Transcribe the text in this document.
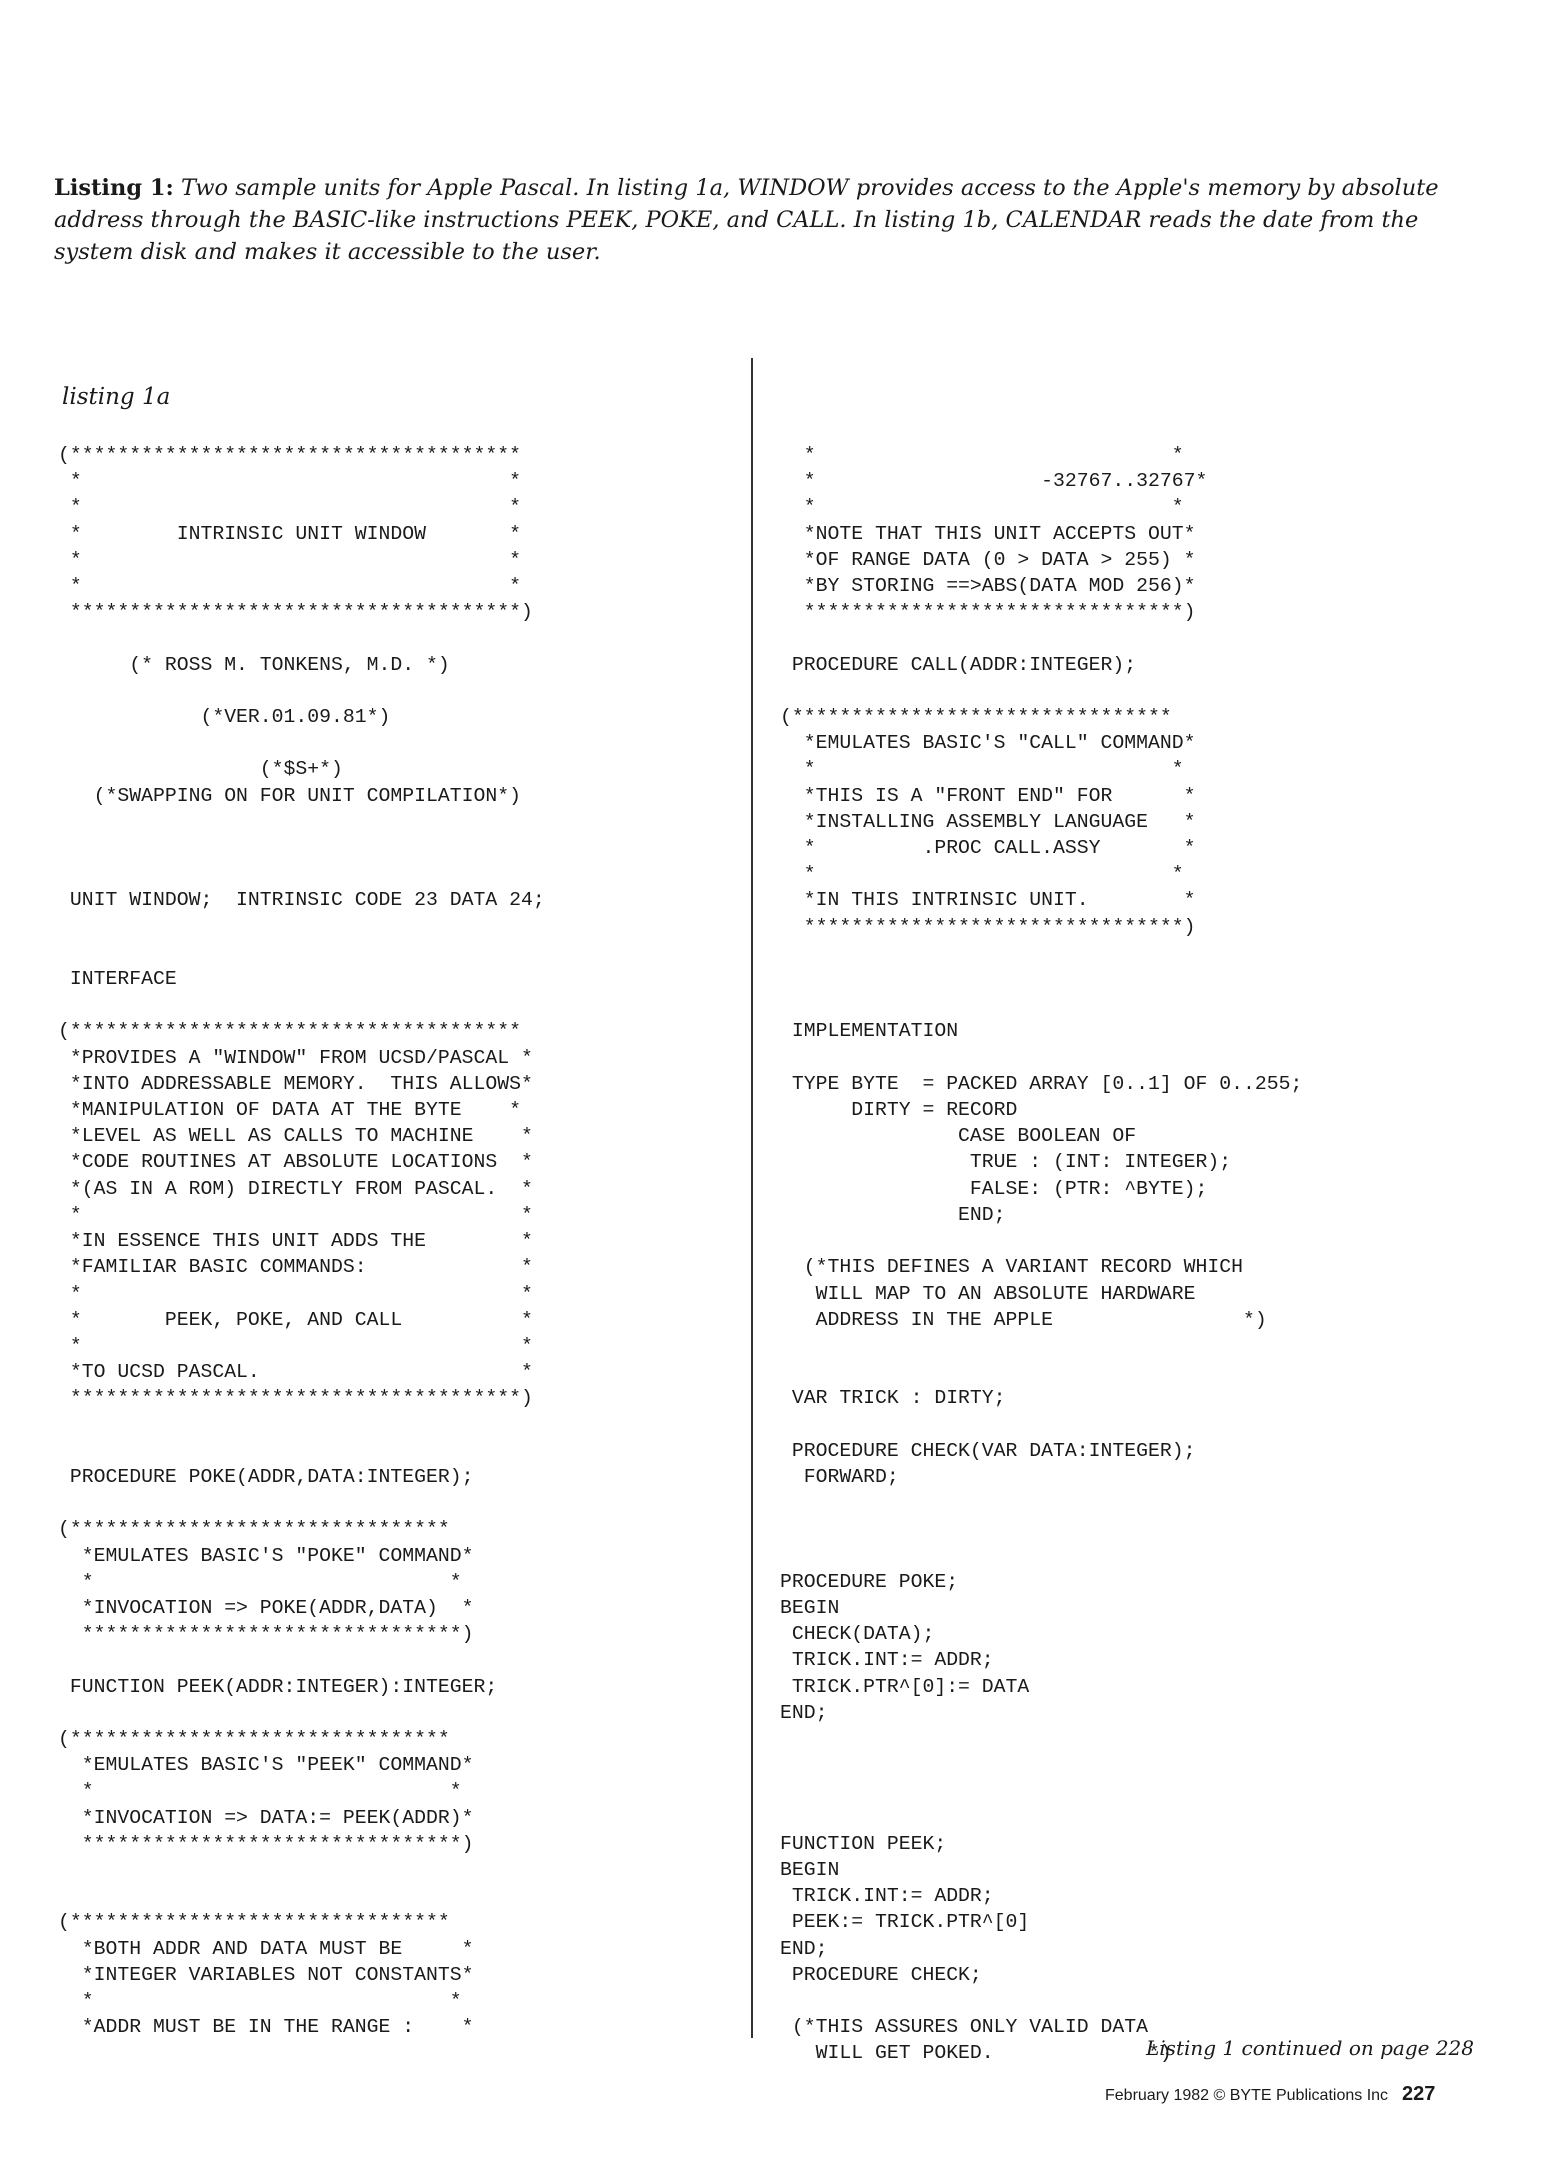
Listing 1: Two sample units for Apple Pascal. In listing 1a, WINDOW provides access to the Apple's memory by absolute address through the BASIC-like instructions PEEK, POKE, and CALL. In listing 1b, CALENDAR reads the date from the system disk and makes it accessible to the user.
listing 1a
(**************************************
*                                    *
*                                    *
*        INTRINSIC UNIT WINDOW       *
*                                    *
*                                    *
**************************************)

(* ROSS M. TONKENS, M.D. *)

(*VER.01.09.81*)

(*$S+*)
(*SWAPPING ON FOR UNIT COMPILATION*)

UNIT WINDOW;  INTRINSIC CODE 23 DATA 24;

INTERFACE

(**************************************
*PROVIDES A "WINDOW" FROM UCSD/PASCAL *
*INTO ADDRESSABLE MEMORY.  THIS ALLOWS*
*MANIPULATION OF DATA AT THE BYTE    *
*LEVEL AS WELL AS CALLS TO MACHINE    *
*CODE ROUTINES AT ABSOLUTE LOCATIONS  *
*(AS IN A ROM) DIRECTLY FROM PASCAL.  *
*                                     *
*IN ESSENCE THIS UNIT ADDS THE        *
*FAMILIAR BASIC COMMANDS:             *
*                                     *
*       PEEK, POKE, AND CALL          *
*                                     *
*TO UCSD PASCAL.                      *
**************************************)

PROCEDURE POKE(ADDR,DATA:INTEGER);

(********************************
*EMULATES BASIC'S "POKE" COMMAND*
*                              *
*INVOCATION => POKE(ADDR,DATA)  *
********************************)

FUNCTION PEEK(ADDR:INTEGER):INTEGER;

(********************************
*EMULATES BASIC'S "PEEK" COMMAND*
*                              *
*INVOCATION => DATA:= PEEK(ADDR)*
********************************)

(********************************
*BOTH ADDR AND DATA MUST BE     *
*INTEGER VARIABLES NOT CONSTANTS*
*                              *
*ADDR MUST BE IN THE RANGE :    *
*                              *
*                   -32767..32767*
*                              *
*NOTE THAT THIS UNIT ACCEPTS OUT*
*OF RANGE DATA (0 > DATA > 255) *
*BY STORING ==>ABS(DATA MOD 256)*
********************************)

PROCEDURE CALL(ADDR:INTEGER);

(********************************
*EMULATES BASIC'S "CALL" COMMAND*
*                              *
*THIS IS A "FRONT END" FOR      *
*INSTALLING ASSEMBLY LANGUAGE   *
*         .PROC CALL.ASSY       *
*                              *
*IN THIS INTRINSIC UNIT.        *
********************************)

IMPLEMENTATION

TYPE BYTE  = PACKED ARRAY [0..1] OF 0..255;
DIRTY = RECORD
CASE BOOLEAN OF
TRUE : (INT: INTEGER);
FALSE: (PTR: ^BYTE);
END;

(*THIS DEFINES A VARIANT RECORD WHICH
WILL MAP TO AN ABSOLUTE HARDWARE
ADDRESS IN THE APPLE                *)

VAR TRICK : DIRTY;

PROCEDURE CHECK(VAR DATA:INTEGER);
FORWARD;

PROCEDURE POKE;
BEGIN
CHECK(DATA);
TRICK.INT:= ADDR;
TRICK.PTR^[0]:= DATA
END;

FUNCTION PEEK;
BEGIN
TRICK.INT:= ADDR;
PEEK:= TRICK.PTR^[0]
END;
PROCEDURE CHECK;

(*THIS ASSURES ONLY VALID DATA
WILL GET POKED.             *)
Listing 1 continued on page 228
February 1982 © BYTE Publications Inc 227
